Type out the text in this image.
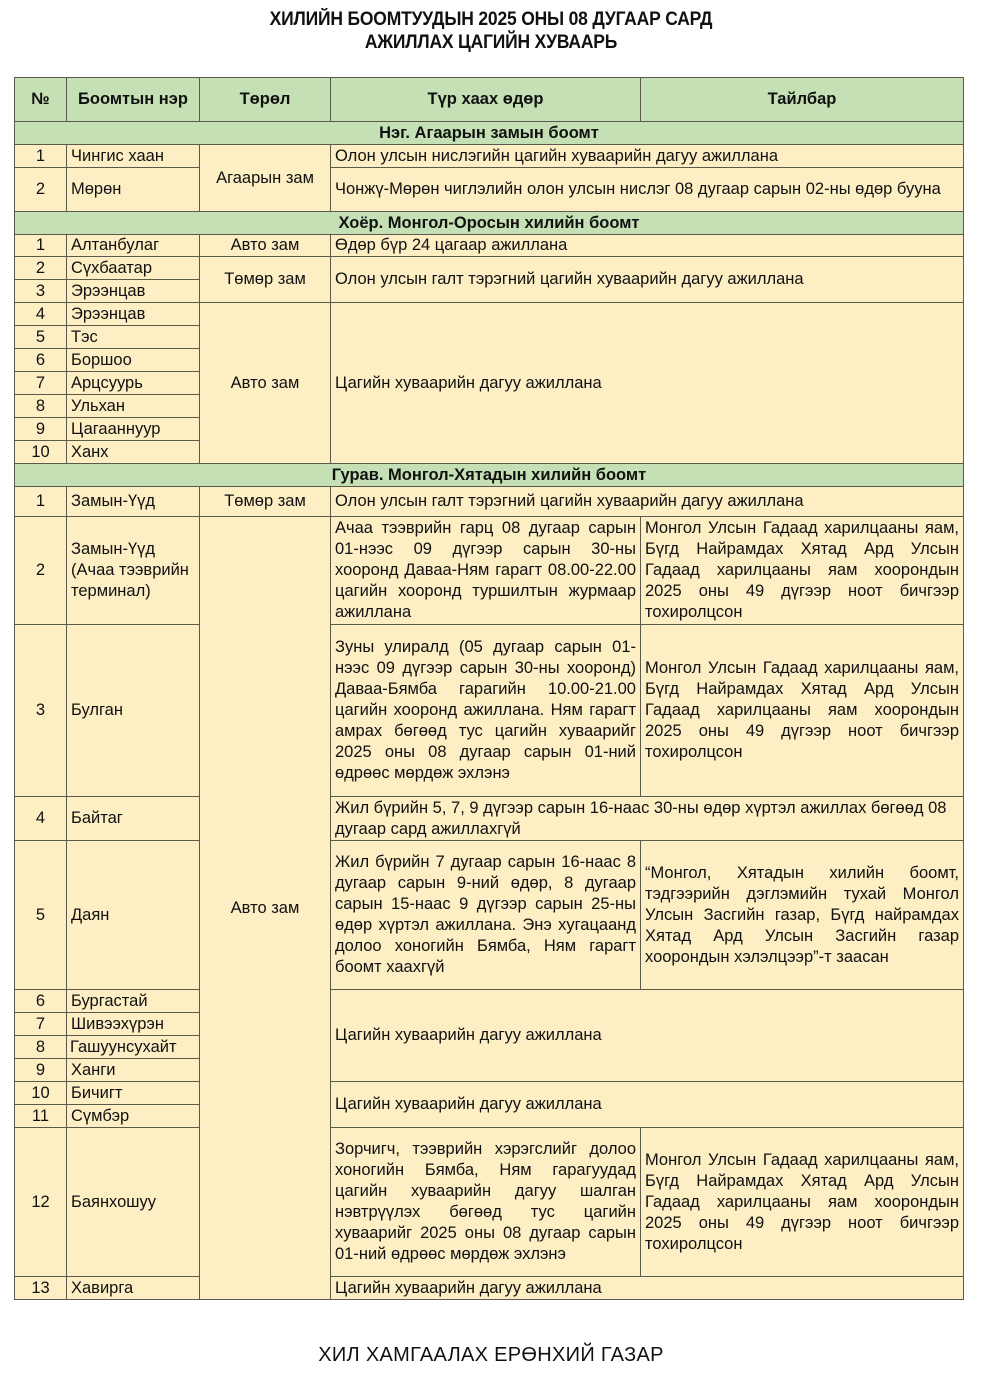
ХИЛИЙН БООМТУУДЫН 2025 ОНЫ 08 ДУГААР САРД
АЖИЛЛАХ ЦАГИЙН ХУВААРЬ
№	Боомтын нэр	Төрөл	Түр хаах өдөр	Тайлбар
Нэг. Агаарын замын боомт				
1	Чингис хаан	Агаарын зам	Олон улсын нислэгийн цагийн хуваарийн дагуу ажиллана	
2	Мөрөн		Чонжү-Мөрөн чиглэлийн олон улсын нислэг 08 дугаар сарын 02-ны өдөр бууна	
Хоёр. Монгол-Оросын хилийн боомт				
1	Алтанбулаг	Авто зам	Өдөр бүр 24 цагаар ажиллана	
2	Сүхбаатар	Төмөр зам	Олон улсын галт тэрэгний цагийн хуваарийн дагуу ажиллана	
3	Эрээнцав			
4	Эрээнцав	Авто зам	Цагийн хуваарийн дагуу ажиллана	
5	Тэс			
6	Боршоо			
7	Арцсуурь			
8	Ульхан			
9	Цагааннуур			
10	Ханх			
Гурав. Монгол-Хятадын хилийн боомт				
1	Замын-Үүд	Төмөр зам	Олон улсын галт тэрэгний цагийн хуваарийн дагуу ажиллана	
2	Замын-Үүд (Ачаа тээврийн терминал)	Авто зам	Ачаа тээврийн гарц 08 дугаар сарын 01-нээс 09 дүгээр сарын 30-ны хооронд Даваа-Ням гарагт 08.00-22.00 цагийн хооронд туршилтын журмаар ажиллана	Монгол Улсын Гадаад харилцааны яам, Бүгд Найрамдах Хятад Ард Улсын Гадаад харилцааны яам хоорондын 2025 оны 49 дүгээр ноот бичгээр тохиролцсон
3	Булган		Зуны улиралд (05 дугаар сарын 01-нээс 09 дүгээр сарын 30-ны хооронд) Даваа-Бямба гарагийн 10.00-21.00 цагийн хооронд ажиллана. Ням гарагт амрах бөгөөд тус цагийн хуваарийг 2025 оны 08 дугаар сарын 01-ний өдрөөс мөрдөж эхлэнэ	Монгол Улсын Гадаад харилцааны яам, Бүгд Найрамдах Хятад Ард Улсын Гадаад харилцааны яам хоорондын 2025 оны 49 дүгээр ноот бичгээр тохиролцсон
4	Байтаг		Жил бүрийн 5, 7, 9 дүгээр сарын 16-наас 30-ны өдөр хүртэл ажиллах бөгөөд 08 дугаар сард ажиллахгүй	
5	Даян		Жил бүрийн 7 дугаар сарын 16-наас 8 дугаар сарын 9-ний өдөр, 8 дугаар сарын 15-наас 9 дүгээр сарын 25-ны өдөр хүртэл ажиллана. Энэ хугацаанд долоо хоногийн Бямба, Ням гарагт боомт хаахгүй	“Монгол, Хятадын хилийн боомт, тэдгээрийн дэглэмийн тухай Монгол Улсын Засгийн газар, Бүгд найрамдах Хятад Ард Улсын Засгийн газар хоорондын хэлэлцээр”-т заасан
6	Бургастай		Цагийн хуваарийн дагуу ажиллана	
7	Шивээхүрэн			
8	Гашуунсухайт			
9	Ханги			
10	Бичигт		Цагийн хуваарийн дагуу ажиллана	
11	Сүмбэр			
12	Баянхошуу		Зорчигч, тээврийн хэрэгслийг долоо хоногийн Бямба, Ням гарагуудад цагийн хуваарийн дагуу шалган нэвтрүүлэх бөгөөд тус цагийн хуваарийг 2025 оны 08 дугаар сарын 01-ний өдрөөс мөрдөж эхлэнэ	Монгол Улсын Гадаад харилцааны яам, Бүгд Найрамдах Хятад Ард Улсын Гадаад харилцааны яам хоорондын 2025 оны 49 дүгээр ноот бичгээр тохиролцсон
13	Хавирга		Цагийн хуваарийн дагуу ажиллана	
ХИЛ ХАМГААЛАХ ЕРӨНХИЙ ГАЗАР
